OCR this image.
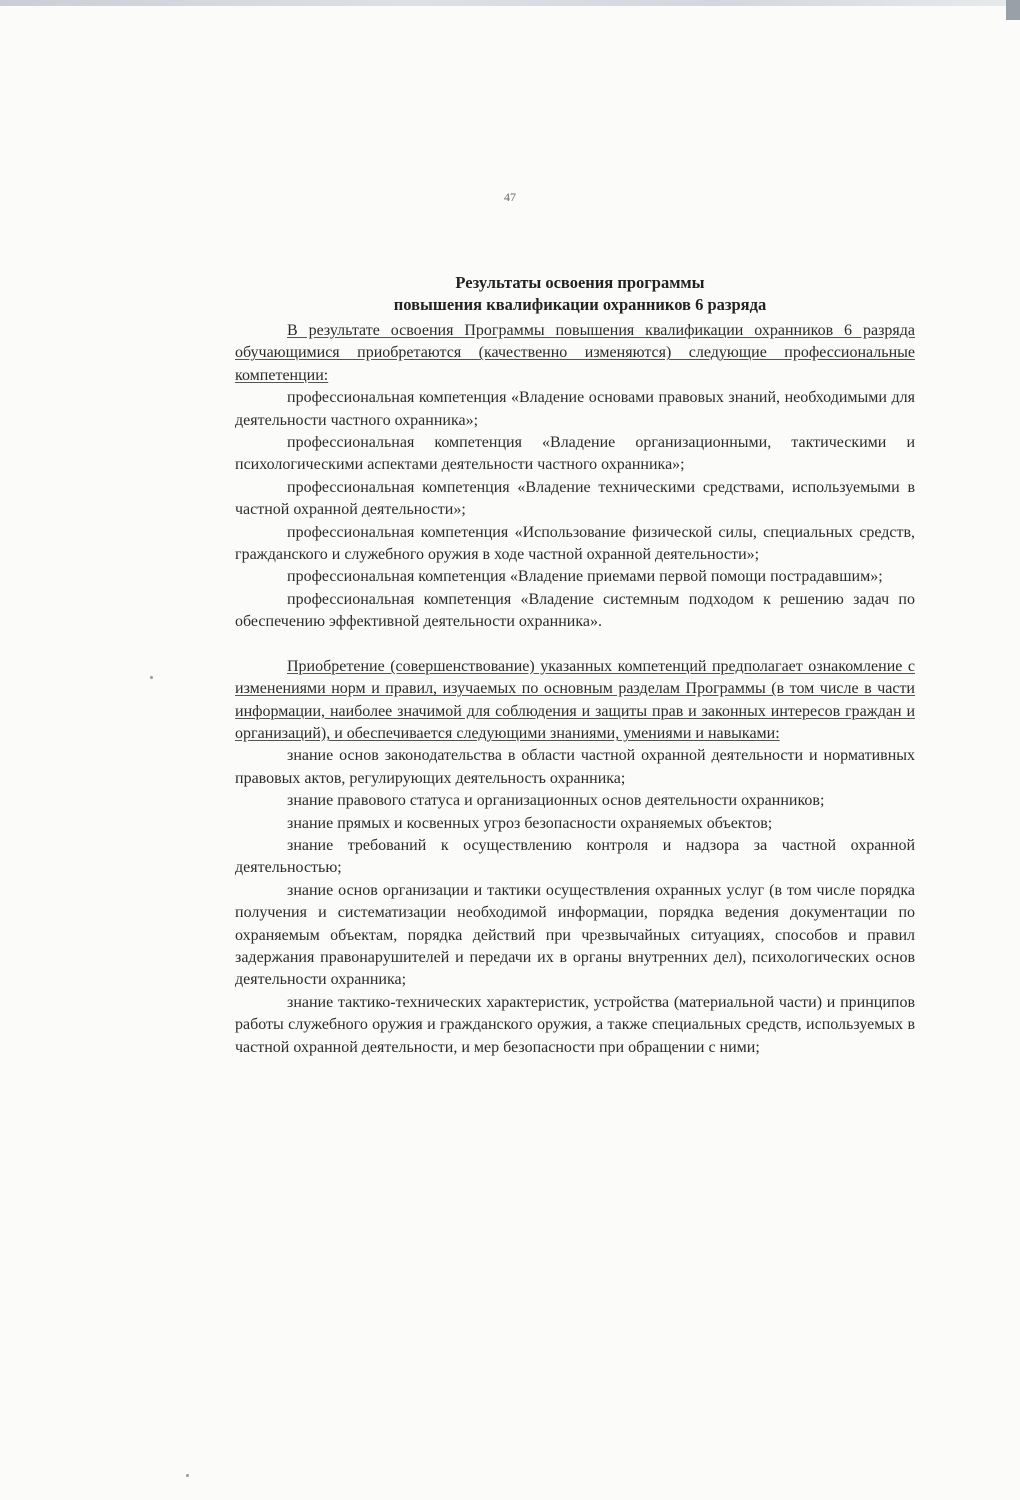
47
Результаты освоения программы
повышения квалификации охранников 6 разряда

В результате освоения Программы повышения квалификации охранников 6 разряда обучающимися приобретаются (качественно изменяются) следующие профессиональные компетенции:

профессиональная компетенция «Владение основами правовых знаний, необходимыми для деятельности частного охранника»;

профессиональная компетенция «Владение организационными, тактическими и психологическими аспектами деятельности частного охранника»;

профессиональная компетенция «Владение техническими средствами, используемыми в частной охранной деятельности»;

профессиональная компетенция «Использование физической силы, специальных средств, гражданского и служебного оружия в ходе частной охранной деятельности»;

профессиональная компетенция «Владение приемами первой помощи пострадавшим»;

профессиональная компетенция «Владение системным подходом к решению задач по обеспечению эффективной деятельности охранника».

Приобретение (совершенствование) указанных компетенций предполагает ознакомление с изменениями норм и правил, изучаемых по основным разделам Программы (в том числе в части информации, наиболее значимой для соблюдения и защиты прав и законных интересов граждан и организаций), и обеспечивается следующими знаниями, умениями и навыками:

знание основ законодательства в области частной охранной деятельности и нормативных правовых актов, регулирующих деятельность охранника;

знание правового статуса и организационных основ деятельности охранников;

знание прямых и косвенных угроз безопасности охраняемых объектов;

знание требований к осуществлению контроля и надзора за частной охранной деятельностью;

знание основ организации и тактики осуществления охранных услуг (в том числе порядка получения и систематизации необходимой информации, порядка ведения документации по охраняемым объектам, порядка действий при чрезвычайных ситуациях, способов и правил задержания правонарушителей и передачи их в органы внутренних дел), психологических основ деятельности охранника;

знание тактико-технических характеристик, устройства (материальной части) и принципов работы служебного оружия и гражданского оружия, а также специальных средств, используемых в частной охранной деятельности, и мер безопасности при обращении с ними;
